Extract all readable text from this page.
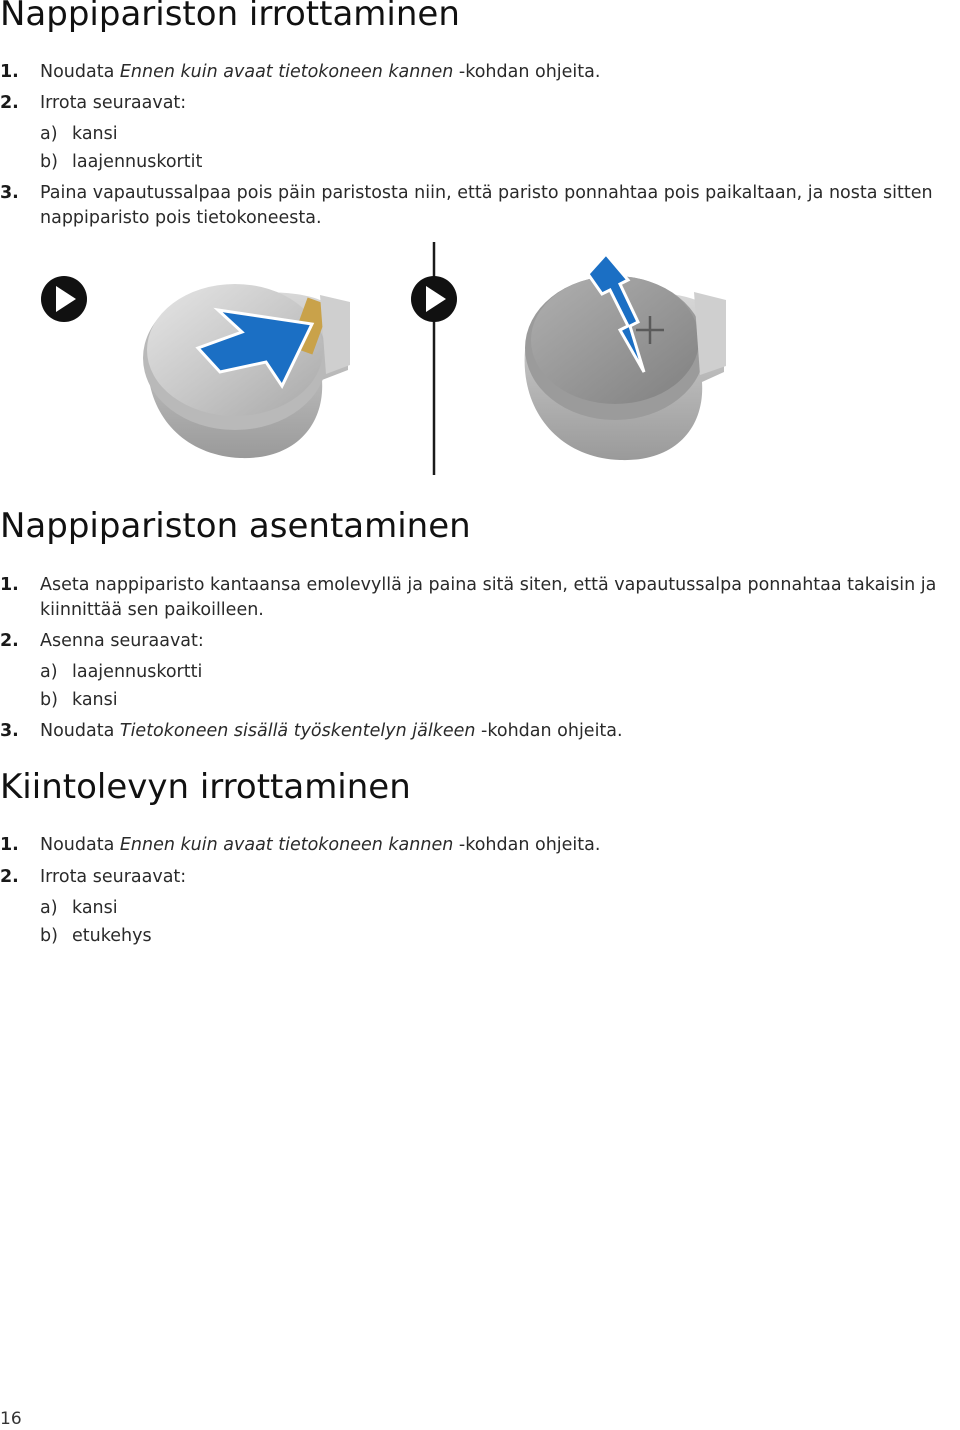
Nappipariston irrottaminen
1. Noudata Ennen kuin avaat tietokoneen kannen -kohdan ohjeita.
2. Irrota seuraavat:
a) kansi
b) laajennuskortit
3. Paina vapautussalpaa pois päin paristosta niin, että paristo ponnahtaa pois paikaltaan, ja nosta sitten nappiparisto pois tietokoneesta.
Nappipariston asentaminen
1. Aseta nappiparisto kantaansa emolevyllä ja paina sitä siten, että vapautussalpa ponnahtaa takaisin ja kiinnittää sen paikoilleen.
2. Asenna seuraavat:
a) laajennuskortti
b) kansi
3. Noudata Tietokoneen sisällä työskentelyn jälkeen -kohdan ohjeita.
Kiintolevyn irrottaminen
1. Noudata Ennen kuin avaat tietokoneen kannen -kohdan ohjeita.
2. Irrota seuraavat:
a) kansi
b) etukehys
16
